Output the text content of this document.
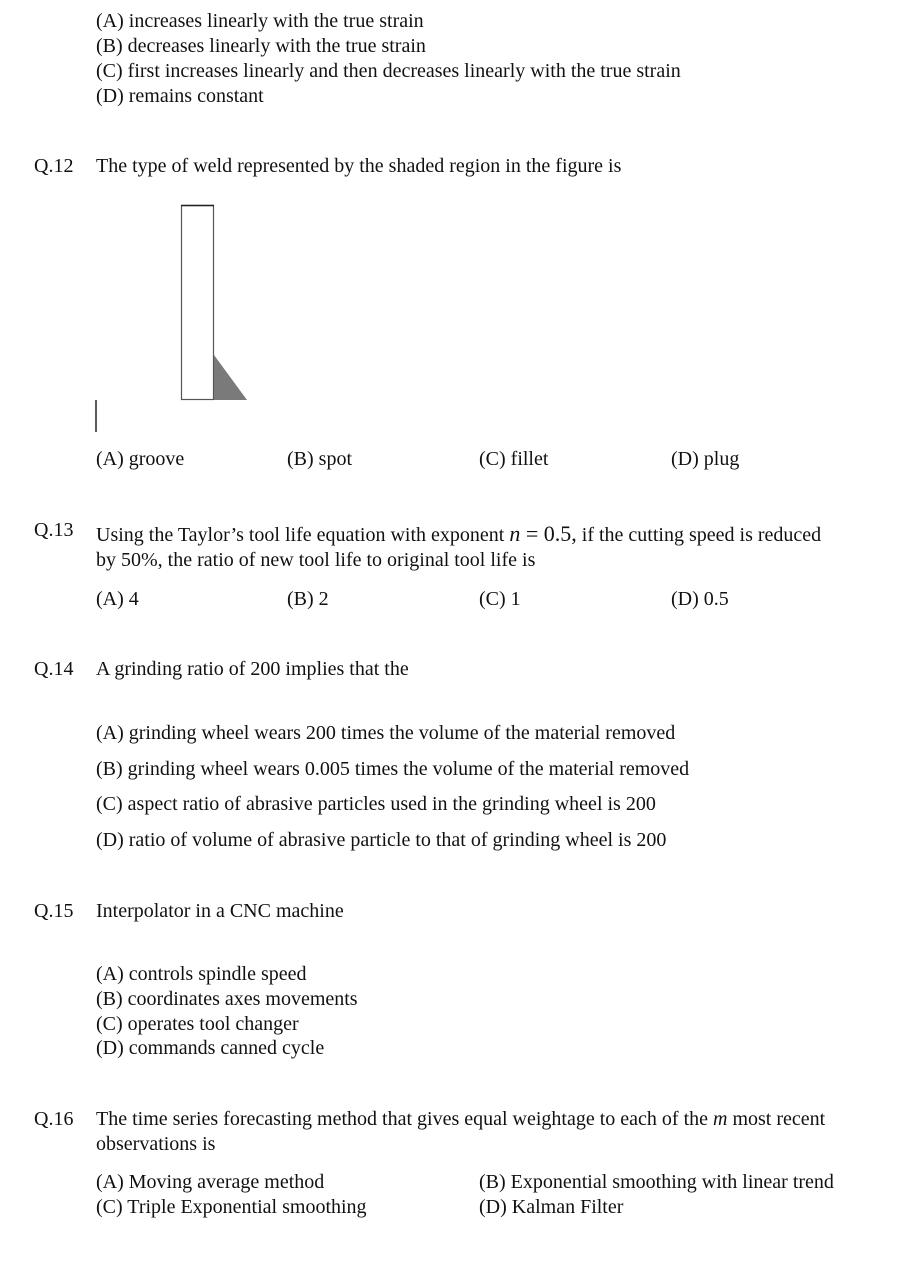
(A) increases linearly with the true strain
(B) decreases linearly with the true strain
(C) first increases linearly and then decreases linearly with the true strain
(D) remains constant
Q.12 The type of weld represented by the shaded region in the figure is
(A) groove	(B) spot	(C) fillet	(D) plug
Q.13 Using the Taylor’s tool life equation with exponent n = 0.5, if the cutting speed is reduced
by 50%, the ratio of new tool life to original tool life is
(A) 4	(B) 2	(C) 1	(D) 0.5
Q.14 A grinding ratio of 200 implies that the
(A) grinding wheel wears 200 times the volume of the material removed
(B) grinding wheel wears 0.005 times the volume of the material removed
(C) aspect ratio of abrasive particles used in the grinding wheel is 200
(D) ratio of volume of abrasive particle to that of grinding wheel is 200
Q.15 Interpolator in a CNC machine
(A) controls spindle speed
(B) coordinates axes movements
(C) operates tool changer
(D) commands canned cycle
Q.16 The time series forecasting method that gives equal weightage to each of the m most recent
observations is
(A) Moving average method	(B) Exponential smoothing with linear trend
(C) Triple Exponential smoothing	(D) Kalman Filter
